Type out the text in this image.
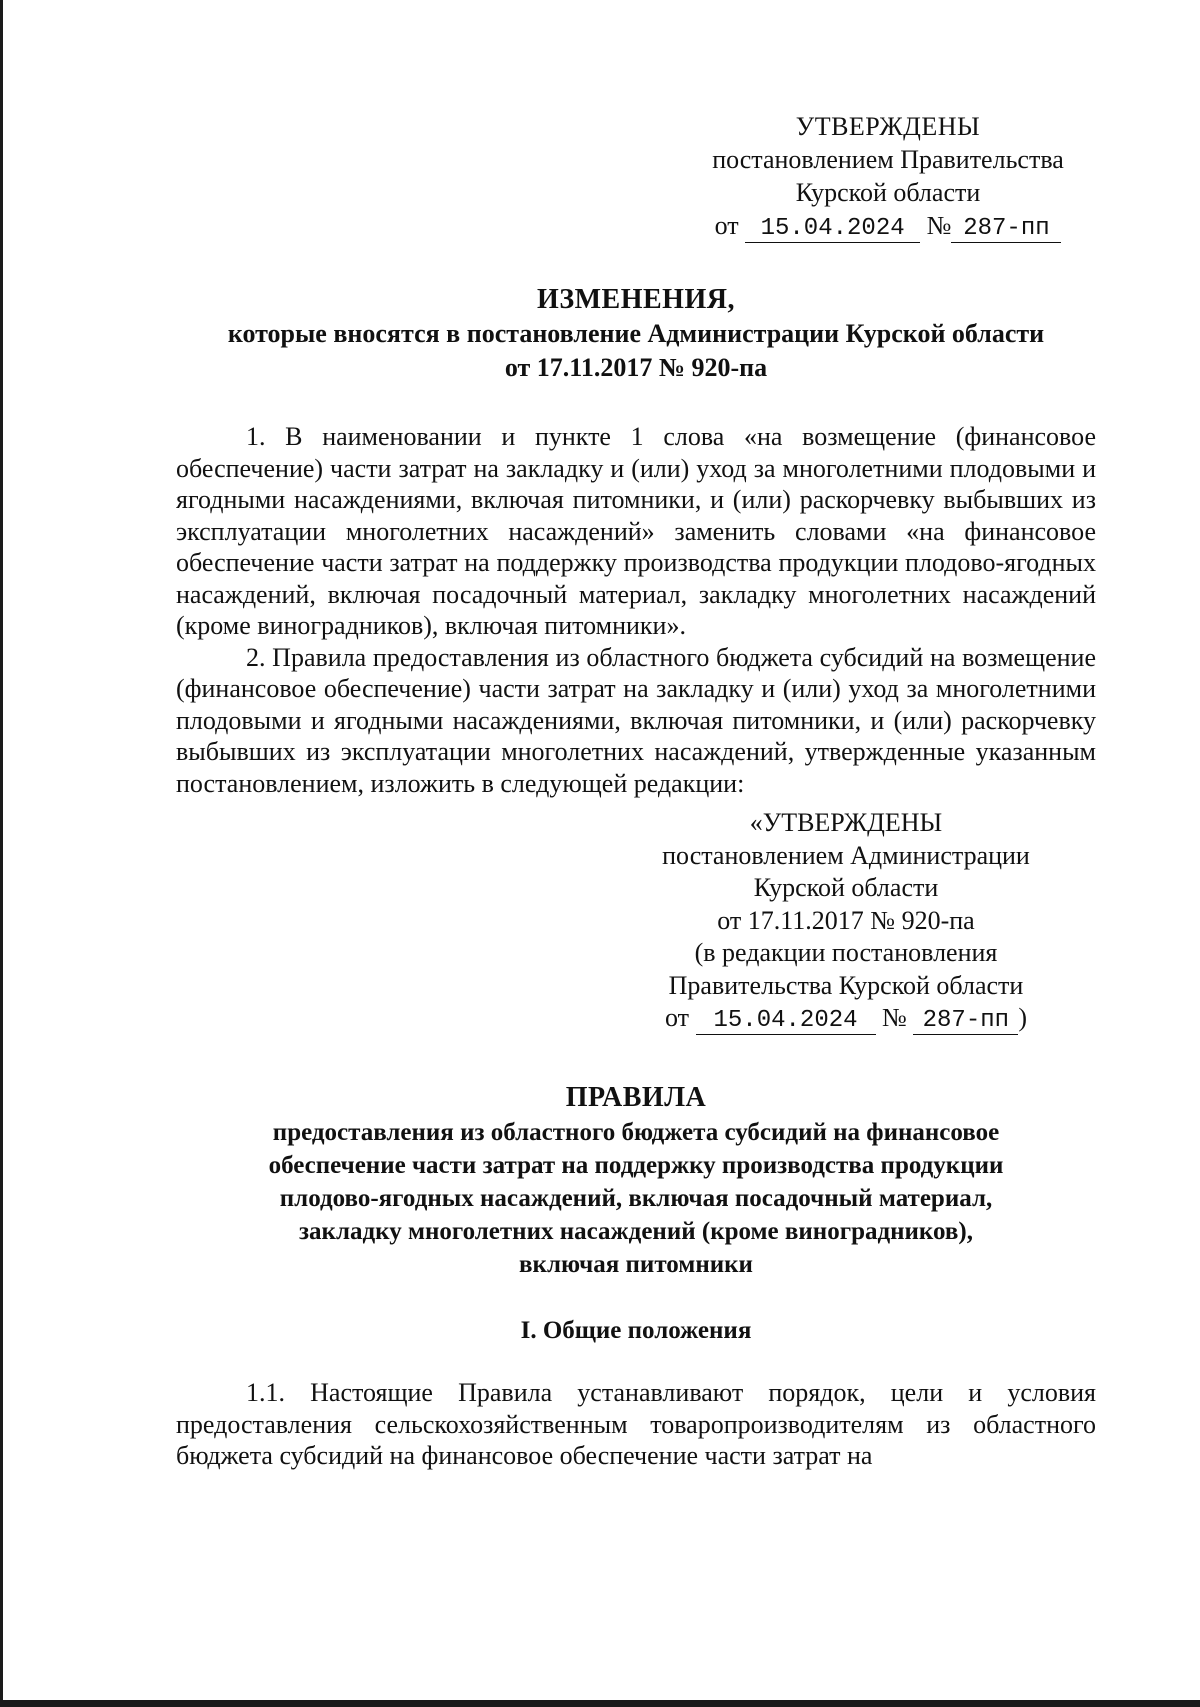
УТВЕРЖДЕНЫ
постановлением Правительства
Курской области
от 15.04.2024 № 287-пп
ИЗМЕНЕНИЯ,
которые вносятся в постановление Администрации Курской области
от 17.11.2017 № 920-па

1. В наименовании и пункте 1 слова «на возмещение (финансовое обеспечение) части затрат на закладку и (или) уход за многолетними плодовыми и ягодными насаждениями, включая питомники, и (или) раскорчевку выбывших из эксплуатации многолетних насаждений» заменить словами «на финансовое обеспечение части затрат на поддержку производства продукции плодово-ягодных насаждений, включая посадочный материал, закладку многолетних насаждений (кроме виноградников), включая питомники».

2. Правила предоставления из областного бюджета субсидий на возмещение (финансовое обеспечение) части затрат на закладку и (или) уход за многолетними плодовыми и ягодными насаждениями, включая питомники, и (или) раскорчевку выбывших из эксплуатации многолетних насаждений, утвержденные указанным постановлением, изложить в следующей редакции:

«УТВЕРЖДЕНЫ
постановлением Администрации
Курской области
от 17.11.2017 № 920-па
(в редакции постановления
Правительства Курской области
от 15.04.2024 № 287-пп )
ПРАВИЛА
предоставления из областного бюджета субсидий на финансовое
обеспечение части затрат на поддержку производства продукции
плодово-ягодных насаждений, включая посадочный материал,
закладку многолетних насаждений (кроме виноградников),
включая питомники
I. Общие положения

1.1. Настоящие Правила устанавливают порядок, цели и условия предоставления сельскохозяйственным товаропроизводителям из областного бюджета субсидий на финансовое обеспечение части затрат на
